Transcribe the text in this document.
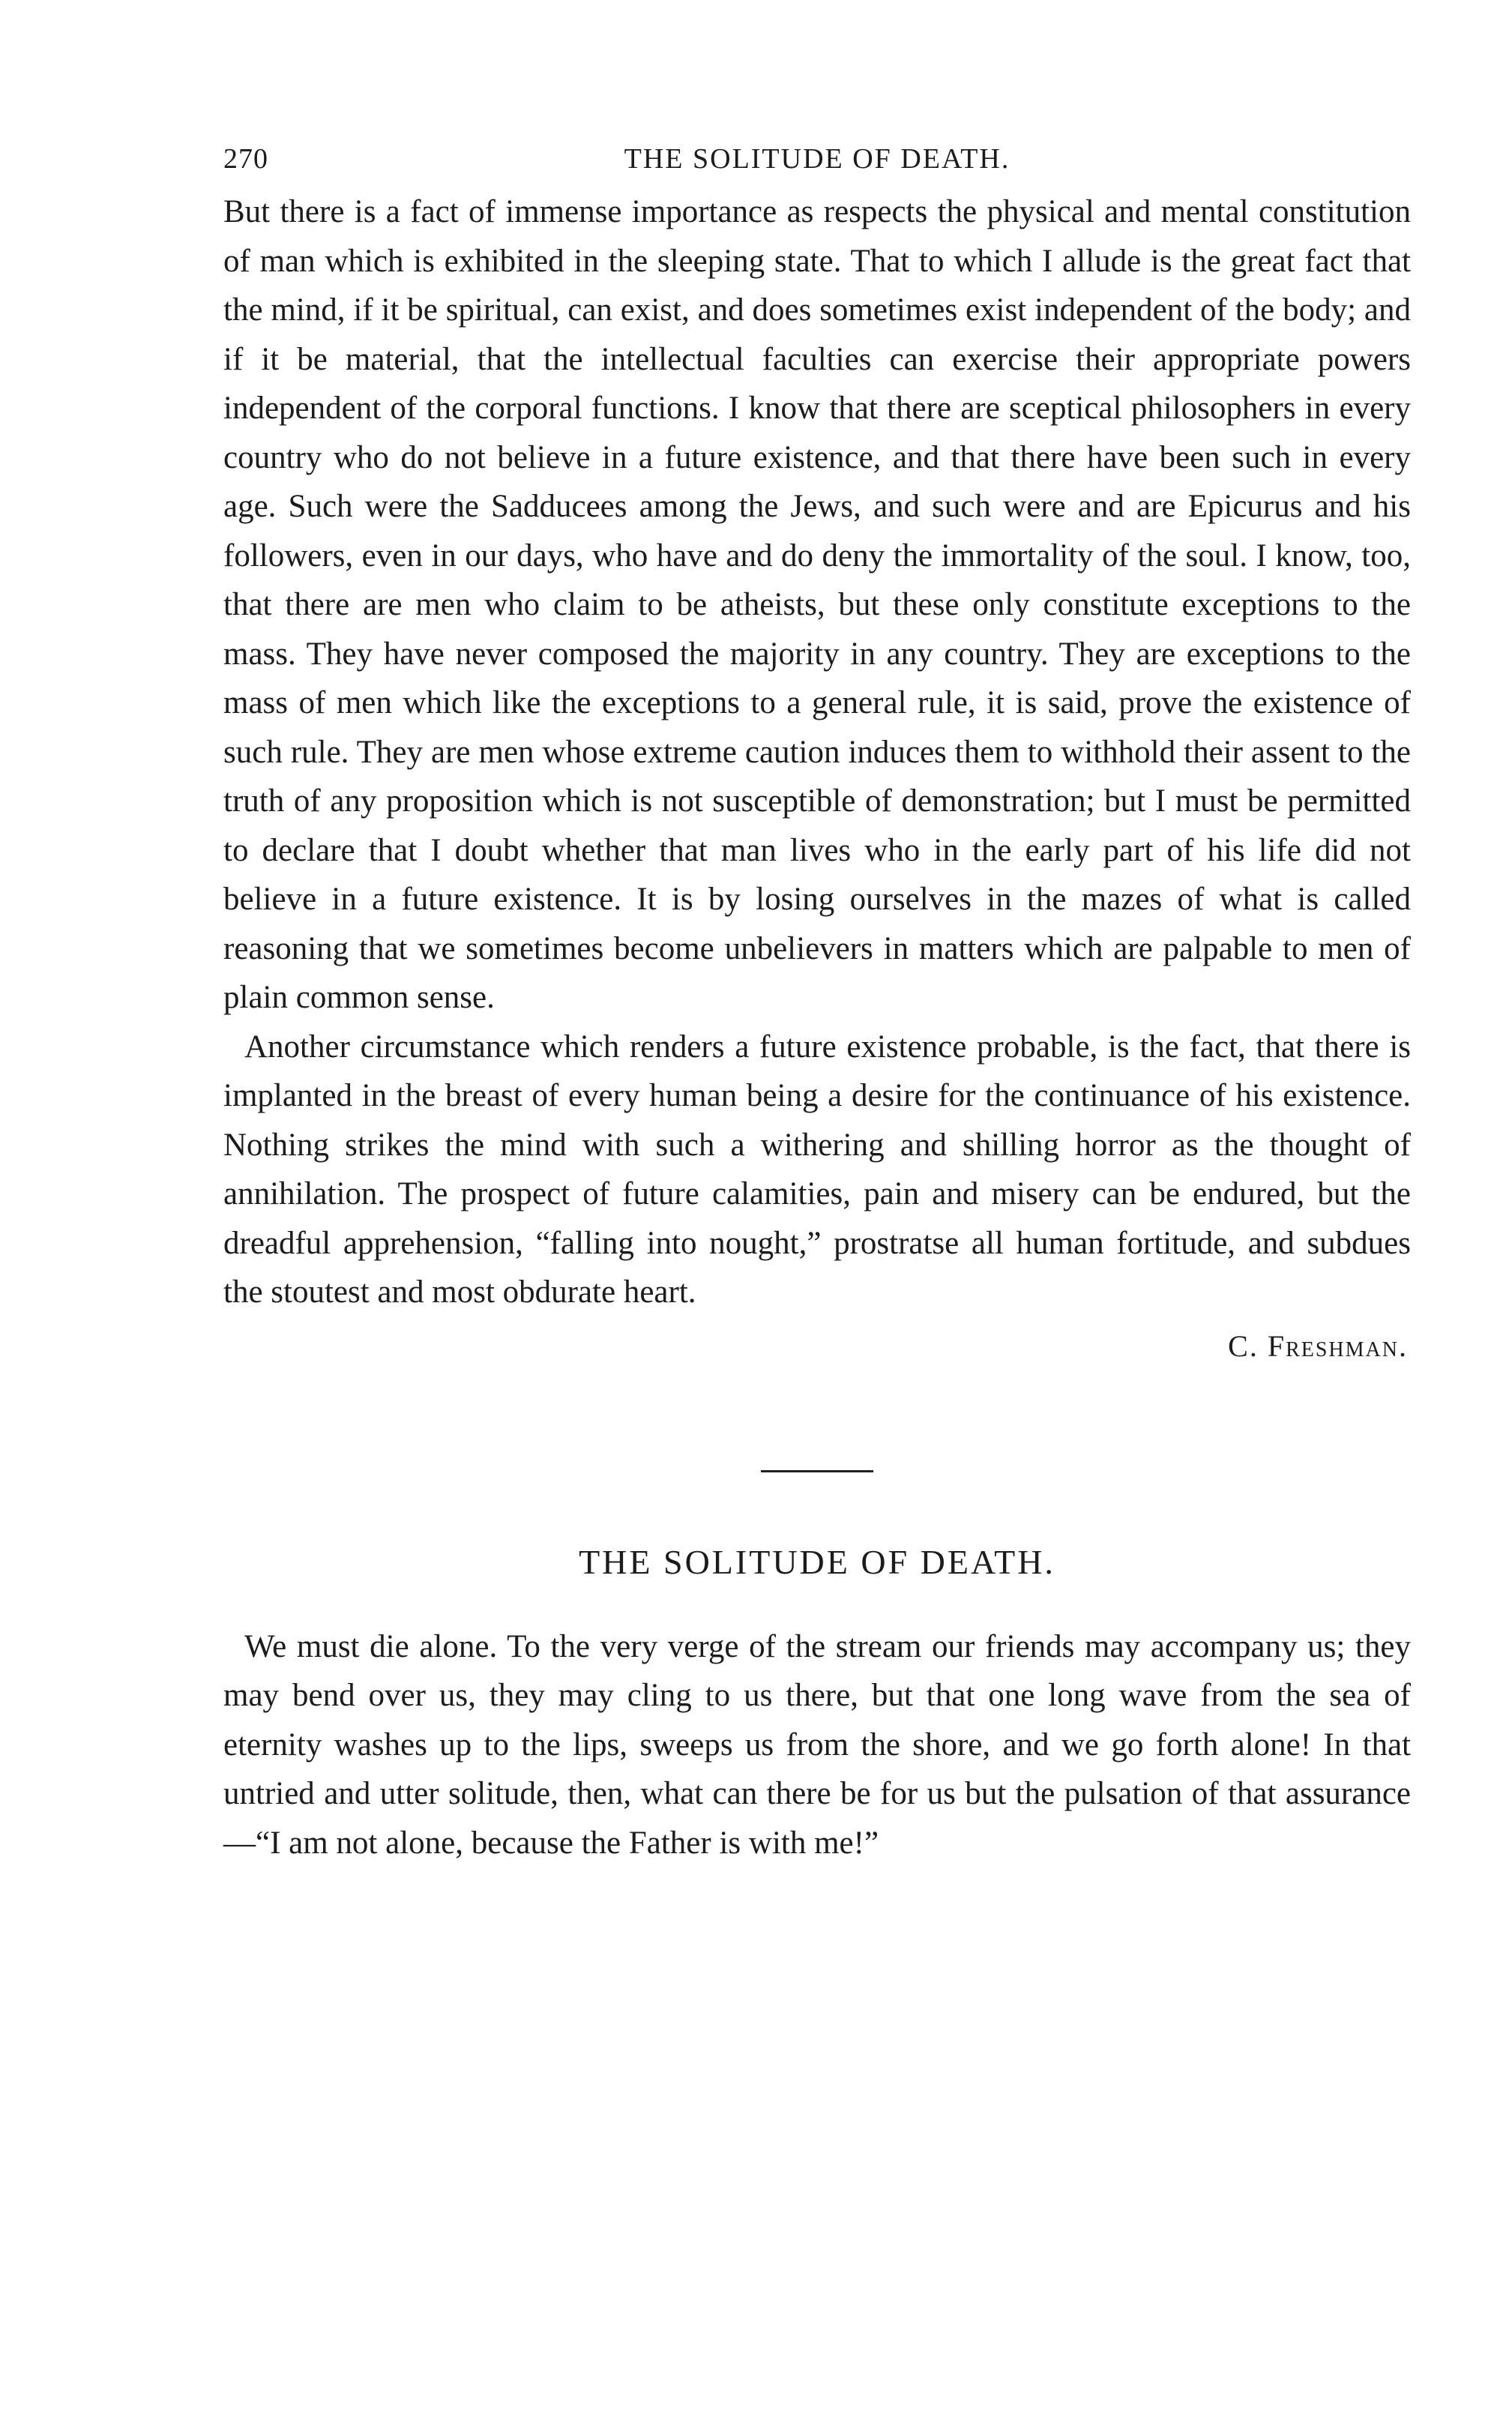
270	THE SOLITUDE OF DEATH.

But there is a fact of immense importance as respects the physical and mental constitution of man which is exhibited in the sleeping state. That to which I allude is the great fact that the mind, if it be spiritual, can exist, and does sometimes exist independent of the body; and if it be material, that the intellectual faculties can exercise their appropriate powers independent of the corporal functions. I know that there are sceptical philosophers in every country who do not believe in a future existence, and that there have been such in every age. Such were the Sadducees among the Jews, and such were and are Epicurus and his followers, even in our days, who have and do deny the immortality of the soul. I know, too, that there are men who claim to be atheists, but these only constitute exceptions to the mass. They have never composed the majority in any country. They are exceptions to the mass of men which like the exceptions to a general rule, it is said, prove the existence of such rule. They are men whose extreme caution induces them to withhold their assent to the truth of any proposition which is not susceptible of demonstration; but I must be permitted to declare that I doubt whether that man lives who in the early part of his life did not believe in a future existence. It is by losing ourselves in the mazes of what is called reasoning that we sometimes become unbelievers in matters which are palpable to men of plain common sense.

Another circumstance which renders a future existence probable, is the fact, that there is implanted in the breast of every human being a desire for the continuance of his existence. Nothing strikes the mind with such a withering and shilling horror as the thought of annihilation. The prospect of future calamities, pain and misery can be endured, but the dreadful apprehension, “falling into nought,” prostratse all human fortitude, and subdues the stoutest and most obdurate heart.

C. Freshman.
THE SOLITUDE OF DEATH.

We must die alone. To the very verge of the stream our friends may accompany us; they may bend over us, they may cling to us there, but that one long wave from the sea of eternity washes up to the lips, sweeps us from the shore, and we go forth alone! In that untried and utter solitude, then, what can there be for us but the pulsation of that assurance—“I am not alone, because the Father is with me!”
